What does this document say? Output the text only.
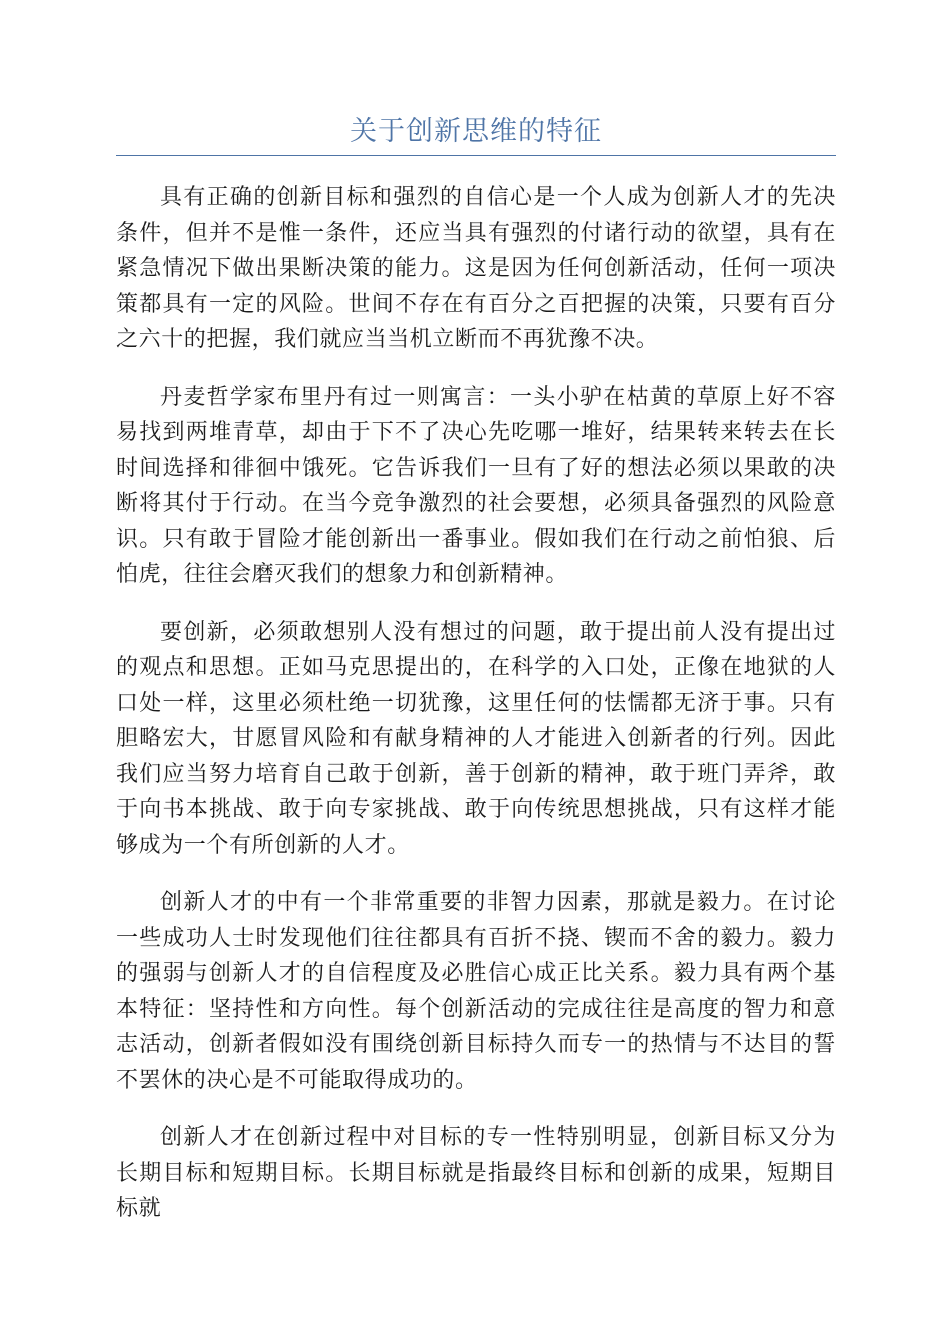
关于创新思维的特征

具有正确的创新目标和强烈的自信心是一个人成为创新人才的先决条件，但并不是惟一条件，还应当具有强烈的付诸行动的欲望，具有在紧急情况下做出果断决策的能力。这是因为任何创新活动，任何一项决策都具有一定的风险。世间不存在有百分之百把握的决策，只要有百分之六十的把握，我们就应当当机立断而不再犹豫不决。

丹麦哲学家布里丹有过一则寓言：一头小驴在枯黄的草原上好不容易找到两堆青草，却由于下不了决心先吃哪一堆好，结果转来转去在长时间选择和徘徊中饿死。它告诉我们一旦有了好的想法必须以果敢的决断将其付于行动。在当今竞争激烈的社会要想，必须具备强烈的风险意识。只有敢于冒险才能创新出一番事业。假如我们在行动之前怕狼、后怕虎，往往会磨灭我们的想象力和创新精神。

要创新，必须敢想别人没有想过的问题，敢于提出前人没有提出过的观点和思想。正如马克思提出的，在科学的入口处，正像在地狱的人口处一样，这里必须杜绝一切犹豫，这里任何的怯懦都无济于事。只有胆略宏大，甘愿冒风险和有献身精神的人才能进入创新者的行列。因此我们应当努力培育自己敢于创新，善于创新的精神，敢于班门弄斧，敢于向书本挑战、敢于向专家挑战、敢于向传统思想挑战，只有这样才能够成为一个有所创新的人才。

创新人才的中有一个非常重要的非智力因素，那就是毅力。在讨论一些成功人士时发现他们往往都具有百折不挠、锲而不舍的毅力。毅力的强弱与创新人才的自信程度及必胜信心成正比关系。毅力具有两个基本特征：坚持性和方向性。每个创新活动的完成往往是高度的智力和意志活动，创新者假如没有围绕创新目标持久而专一的热情与不达目的誓不罢休的决心是不可能取得成功的。

创新人才在创新过程中对目标的专一性特别明显，创新目标又分为长期目标和短期目标。长期目标就是指最终目标和创新的成果，短期目标就
